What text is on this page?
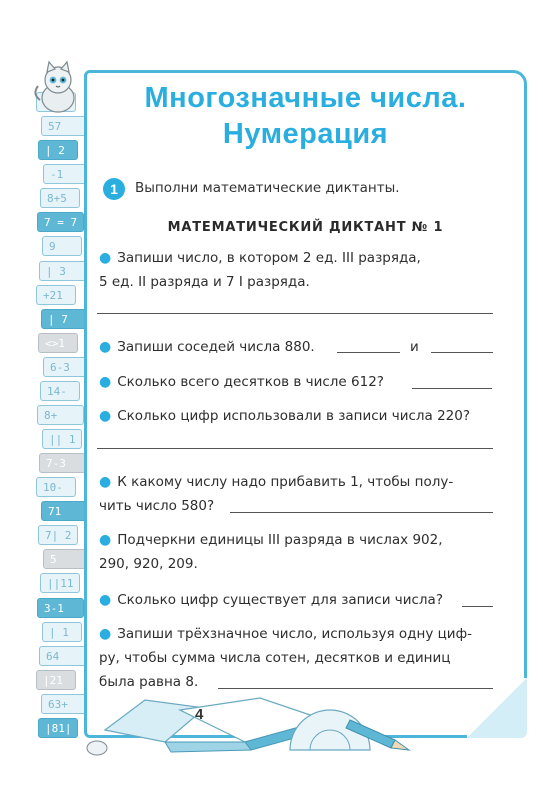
57
| 2
-1
8+5
7 = 7
9
| 3
+21
| 7
<>1
6-3
14-
8+
|| 1
7-3
10-
71
7| 2
5
||11
3-1
| 1
64
|21
63+
|81| 1
Многозначные числа.
Нумерация
1	Выполни математические диктанты.
МАТЕМАТИЧЕСКИЙ ДИКТАНТ № 1
● Запиши число, в котором 2 ед. III разряда,
5 ед. II разряда и 7 I разряда.
● Запиши соседей числа 880.	и
● Сколько всего десятков в числе 612?
● Сколько цифр использовали в записи числа 220?
● К какому числу надо прибавить 1, чтобы полу-
чить число 580?
● Подчеркни единицы III разряда в числах 902,
290, 920, 209.
● Сколько цифр существует для записи числа?
● Запиши трёхзначное число, используя одну циф-
ру, чтобы сумма числа сотен, десятков и единиц
была равна 8.
4
